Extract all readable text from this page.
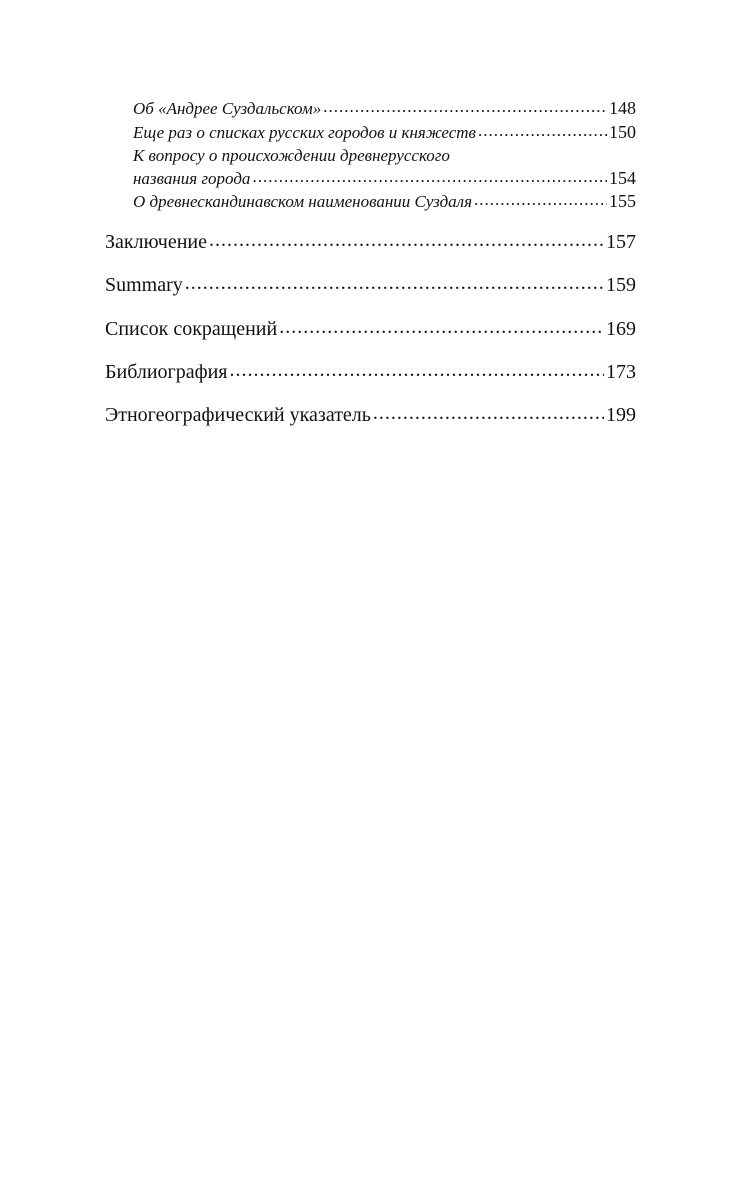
Об «Андрее Суздальском» .....	148
Еще раз о списках русских городов и княжеств .....	150
К вопросу о происхождении древнерусского
названия города .....	154
О древнескандинавском наименовании Суздаля .....	155
Заключение .....	157
Summary .....	159
Список сокращений .....	169
Библиография .....	173
Этногеографический указатель .....	199
